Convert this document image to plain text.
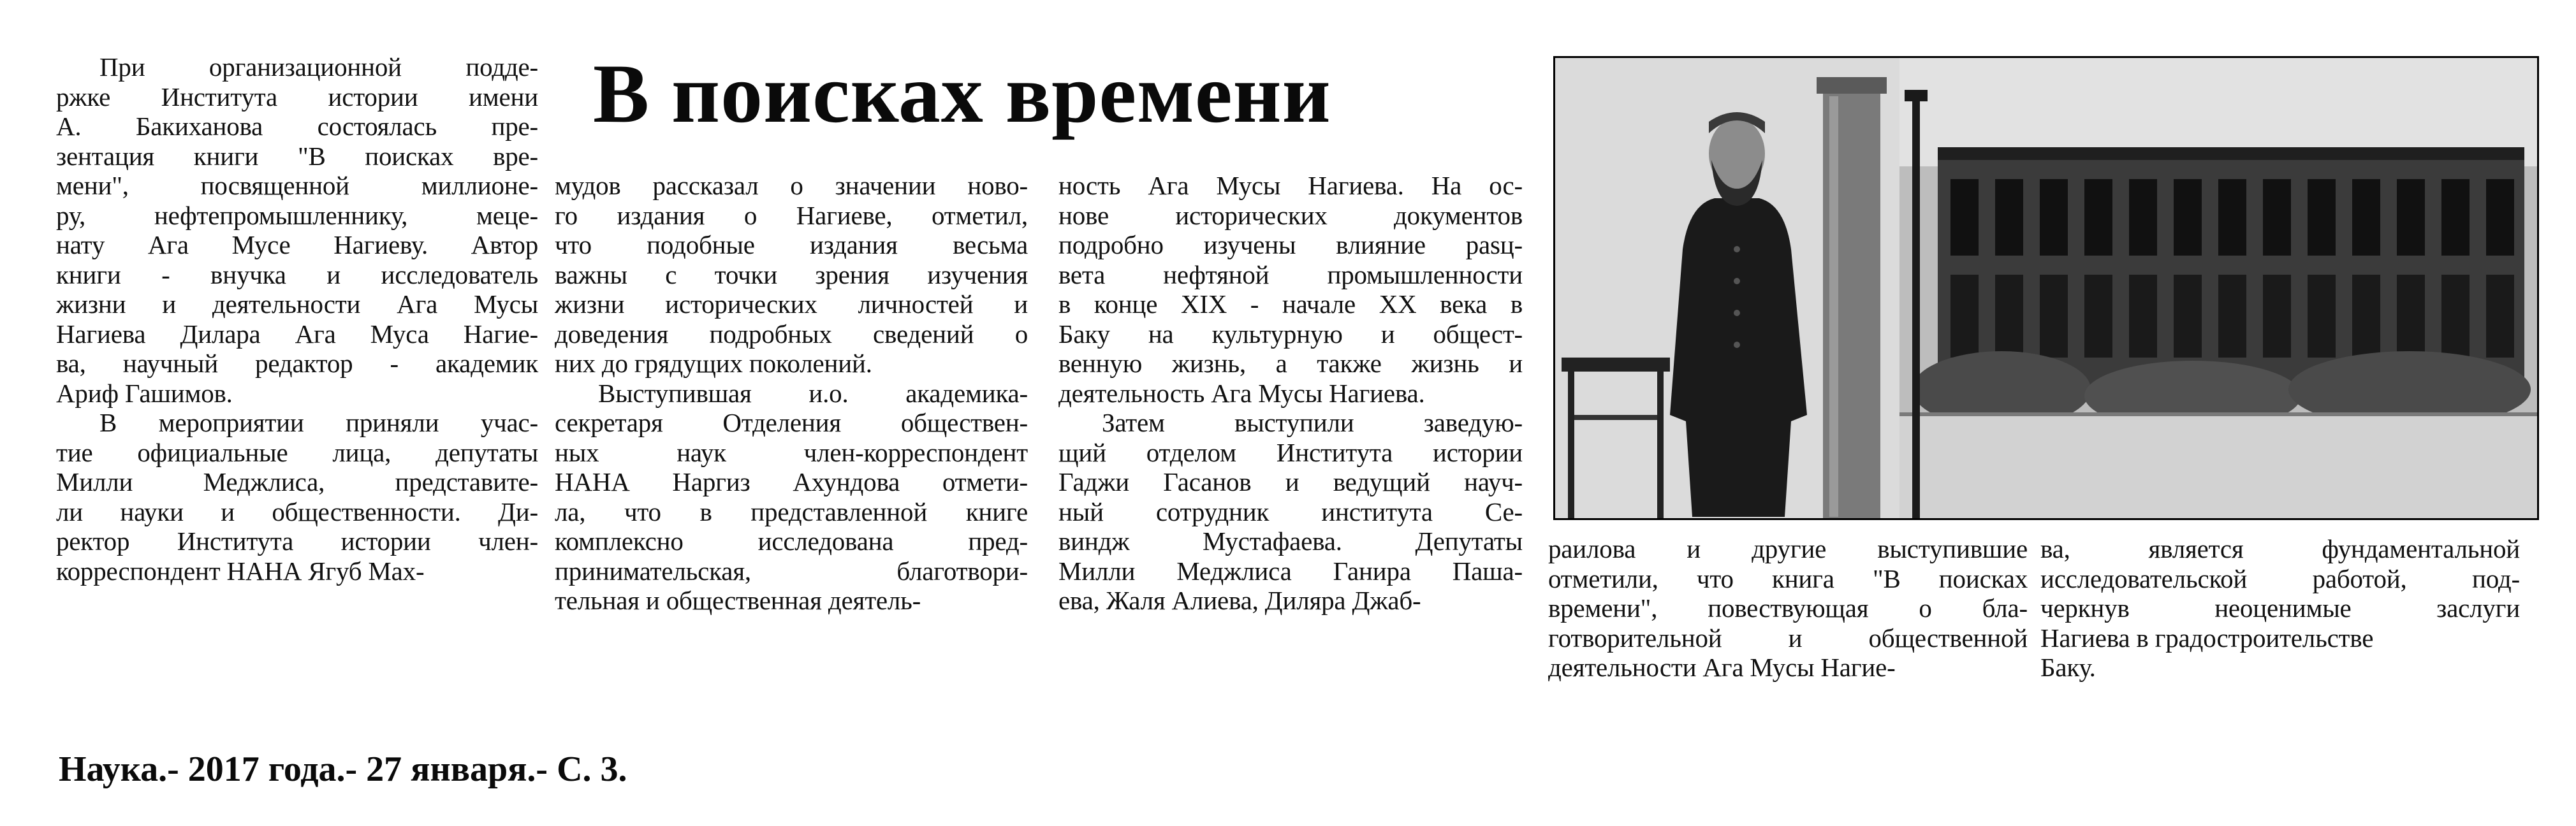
В поисках времени
При организационной подде-
ржке Института истории имени
А. Бакиханова состоялась пре-
зентация книги "В поисках вре-
мени", посвященной миллионе-
ру, нефтепромышленнику, меце-
нату Ага Мусе Нагиеву. Автор
книги - внучка и исследователь
жизни и деятельности Ага Мусы
Нагиева Дилара Ага Муса Нагие-
ва, научный редактор - академик
Ариф Гашимов.
В мероприятии приняли учас-
тие официальные лица, депутаты
Милли Меджлиса, представите-
ли науки и общественности. Ди-
ректор Института истории член-
корреспондент НАНА Ягуб Мах-
мудов рассказал о значении ново-
го издания о Нагиеве, отметил,
что подобные издания весьма
важны с точки зрения изучения
жизни исторических личностей и
доведения подробных сведений о
них до грядущих поколений.
Выступившая и.о. академика-
секретаря Отделения обществен-
ных наук член-корреспондент
НАНА Наргиз Ахундова отмети-
ла, что в представленной книге
комплексно исследована пред-
принимательская, благотвори-
тельная и общественная деятель-
ность Ага Мусы Нагиева. На ос-
нове исторических документов
подробно изучены влияние рasц-
вета нефтяной промышленности
в конце XIX - начале XX века в
Баку на культурную и общест-
венную жизнь, а также жизнь и
деятельность Ага Мусы Нагиева.
Затем выступили заведую-
щий отделом Института истории
Гаджи Гасанов и ведущий науч-
ный сотрудник института Се-
виндж Мустафаева. Депутаты
Милли Меджлиса Ганира Паша-
ева, Жаля Алиева, Диляра Джаб-
раилова и другие выступившие
отметили, что книга "В поисках
времени", повествующая о бла-
готворительной и общественной
деятельности Ага Мусы Нагие-
ва, является фундаментальной
исследовательской работой, под-
черкнув неоценимые заслуги
Нагиева в градостроительстве
Баку.

Наука.- 2017 года.- 27 января.- С. 3.
